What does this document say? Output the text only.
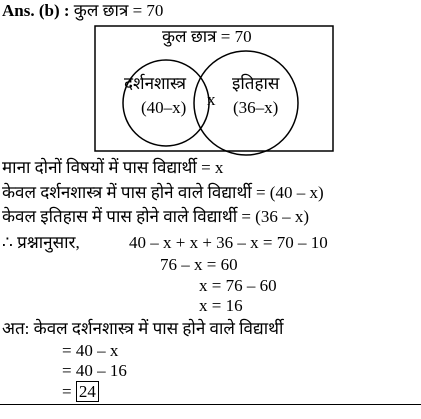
Ans. (b) : कुल छात्र = 70
कुल छात्र = 70
दर्शनशास्त्र
(40–x) x
इतिहास
(36–x)
माना दोनों विषयों में पास विद्यार्थी = x
केवल दर्शनशास्त्र में पास होने वाले विद्यार्थी = (40 – x)
केवल इतिहास में पास होने वाले विद्यार्थी = (36 – x)
∴ प्रश्नानुसार,	40 – x + x + 36 – x = 70 – 10
76 – x = 60
x = 76 – 60
x = 16
अत: केवल दर्शनशास्त्र में पास होने वाले विद्यार्थी
= 40 – x
= 40 – 16
= 24
